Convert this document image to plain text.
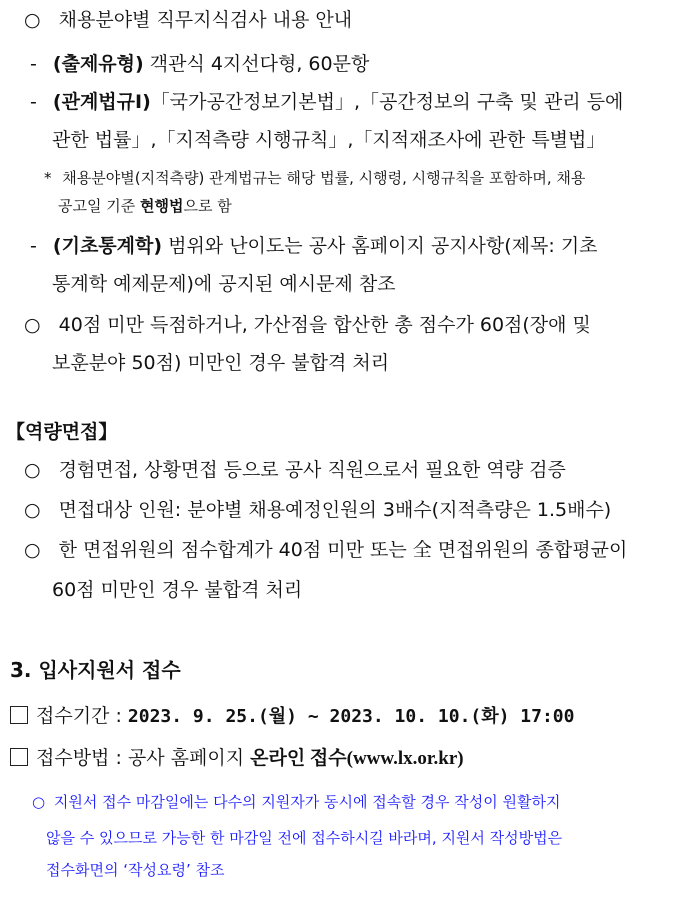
○ 채용분야별 직무지식검사 내용 안내
- (출제유형) 객관식 4지선다형, 60문항
- (관계법규Ⅰ)「국가공간정보기본법」,「공간정보의 구축 및 관리 등에
관한 법률」,「지적측량 시행규칙」,「지적재조사에 관한 특별법」
* 채용분야별(지적측량) 관계법규는 해당 법률, 시행령, 시행규칙을 포함하며, 채용
공고일 기준 현행법으로 함
- (기초통계학) 범위와 난이도는 공사 홈페이지 공지사항(제목: 기초
통계학 예제문제)에 공지된 예시문제 참조
○ 40점 미만 득점하거나, 가산점을 합산한 총 점수가 60점(장애 및
보훈분야 50점) 미만인 경우 불합격 처리
【역량면접】
○ 경험면접, 상황면접 등으로 공사 직원으로서 필요한 역량 검증
○ 면접대상 인원: 분야별 채용예정인원의 3배수(지적측량은 1.5배수)
○ 한 면접위원의 점수합계가 40점 미만 또는 全 면접위원의 종합평균이
60점 미만인 경우 불합격 처리
3. 입사지원서 접수
접수기간 : 2023. 9. 25.(월) ~ 2023. 10. 10.(화) 17:00
접수방법 : 공사 홈페이지 온라인 접수(www.lx.or.kr)
○ 지원서 접수 마감일에는 다수의 지원자가 동시에 접속할 경우 작성이 원활하지
않을 수 있으므로 가능한 한 마감일 전에 접수하시길 바라며, 지원서 작성방법은
접수화면의 ‘작성요령’ 참조
